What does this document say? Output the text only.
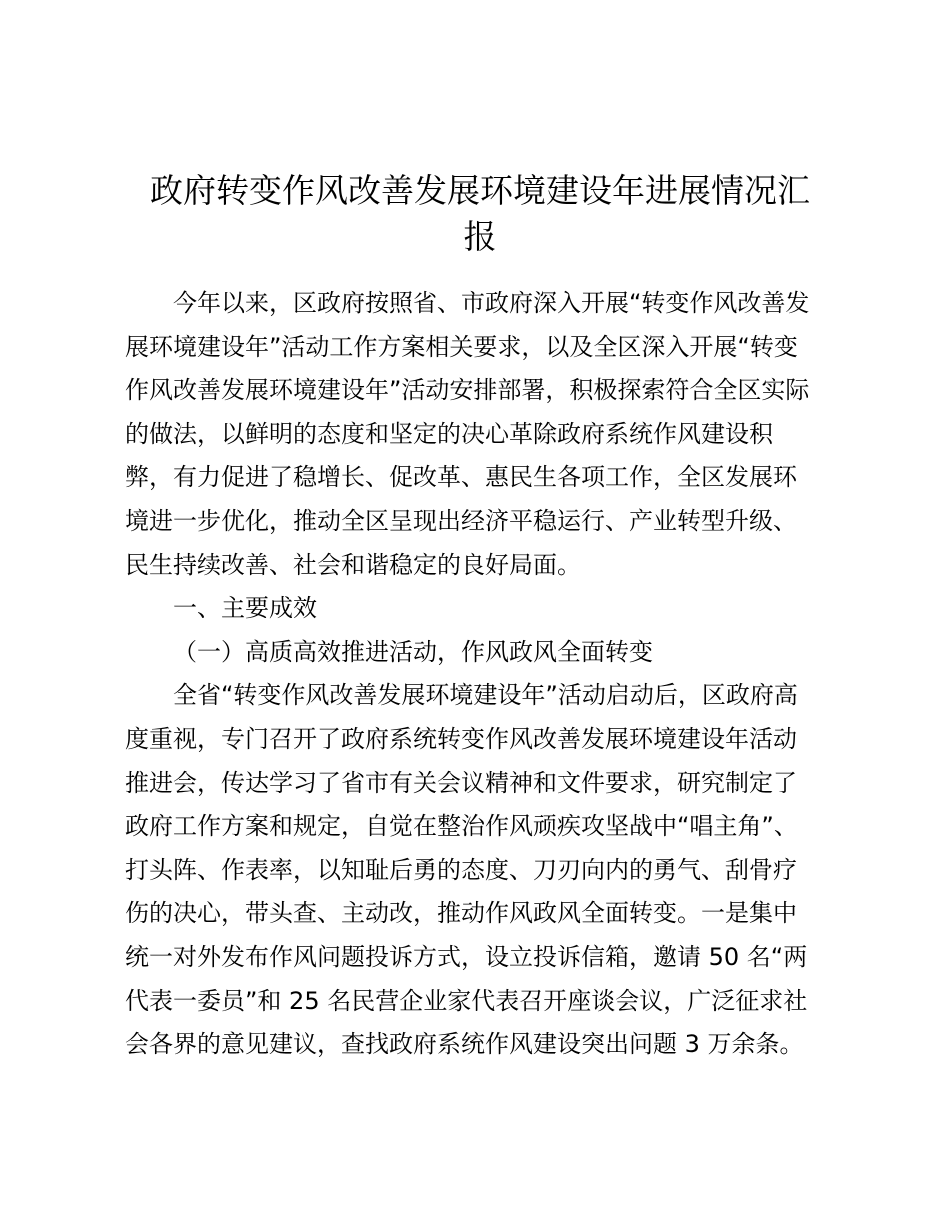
政府转变作风改善发展环境建设年进展情况汇
报
今年以来，区政府按照省、市政府深入开展“转变作风改善发
展环境建设年”活动工作方案相关要求，以及全区深入开展“转变
作风改善发展环境建设年”活动安排部署，积极探索符合全区实际
的做法，以鲜明的态度和坚定的决心革除政府系统作风建设积
弊，有力促进了稳增长、促改革、惠民生各项工作，全区发展环
境进一步优化，推动全区呈现出经济平稳运行、产业转型升级、
民生持续改善、社会和谐稳定的良好局面。
一、主要成效
（一）高质高效推进活动，作风政风全面转变
全省“转变作风改善发展环境建设年”活动启动后，区政府高
度重视，专门召开了政府系统转变作风改善发展环境建设年活动
推进会，传达学习了省市有关会议精神和文件要求，研究制定了
政府工作方案和规定，自觉在整治作风顽疾攻坚战中“唱主角”、
打头阵、作表率，以知耻后勇的态度、刀刃向内的勇气、刮骨疗
伤的决心，带头查、主动改，推动作风政风全面转变。一是集中
统一对外发布作风问题投诉方式，设立投诉信箱，邀请 50 名“两
代表一委员”和 25 名民营企业家代表召开座谈会议，广泛征求社
会各界的意见建议，查找政府系统作风建设突出问题 3 万余条。
